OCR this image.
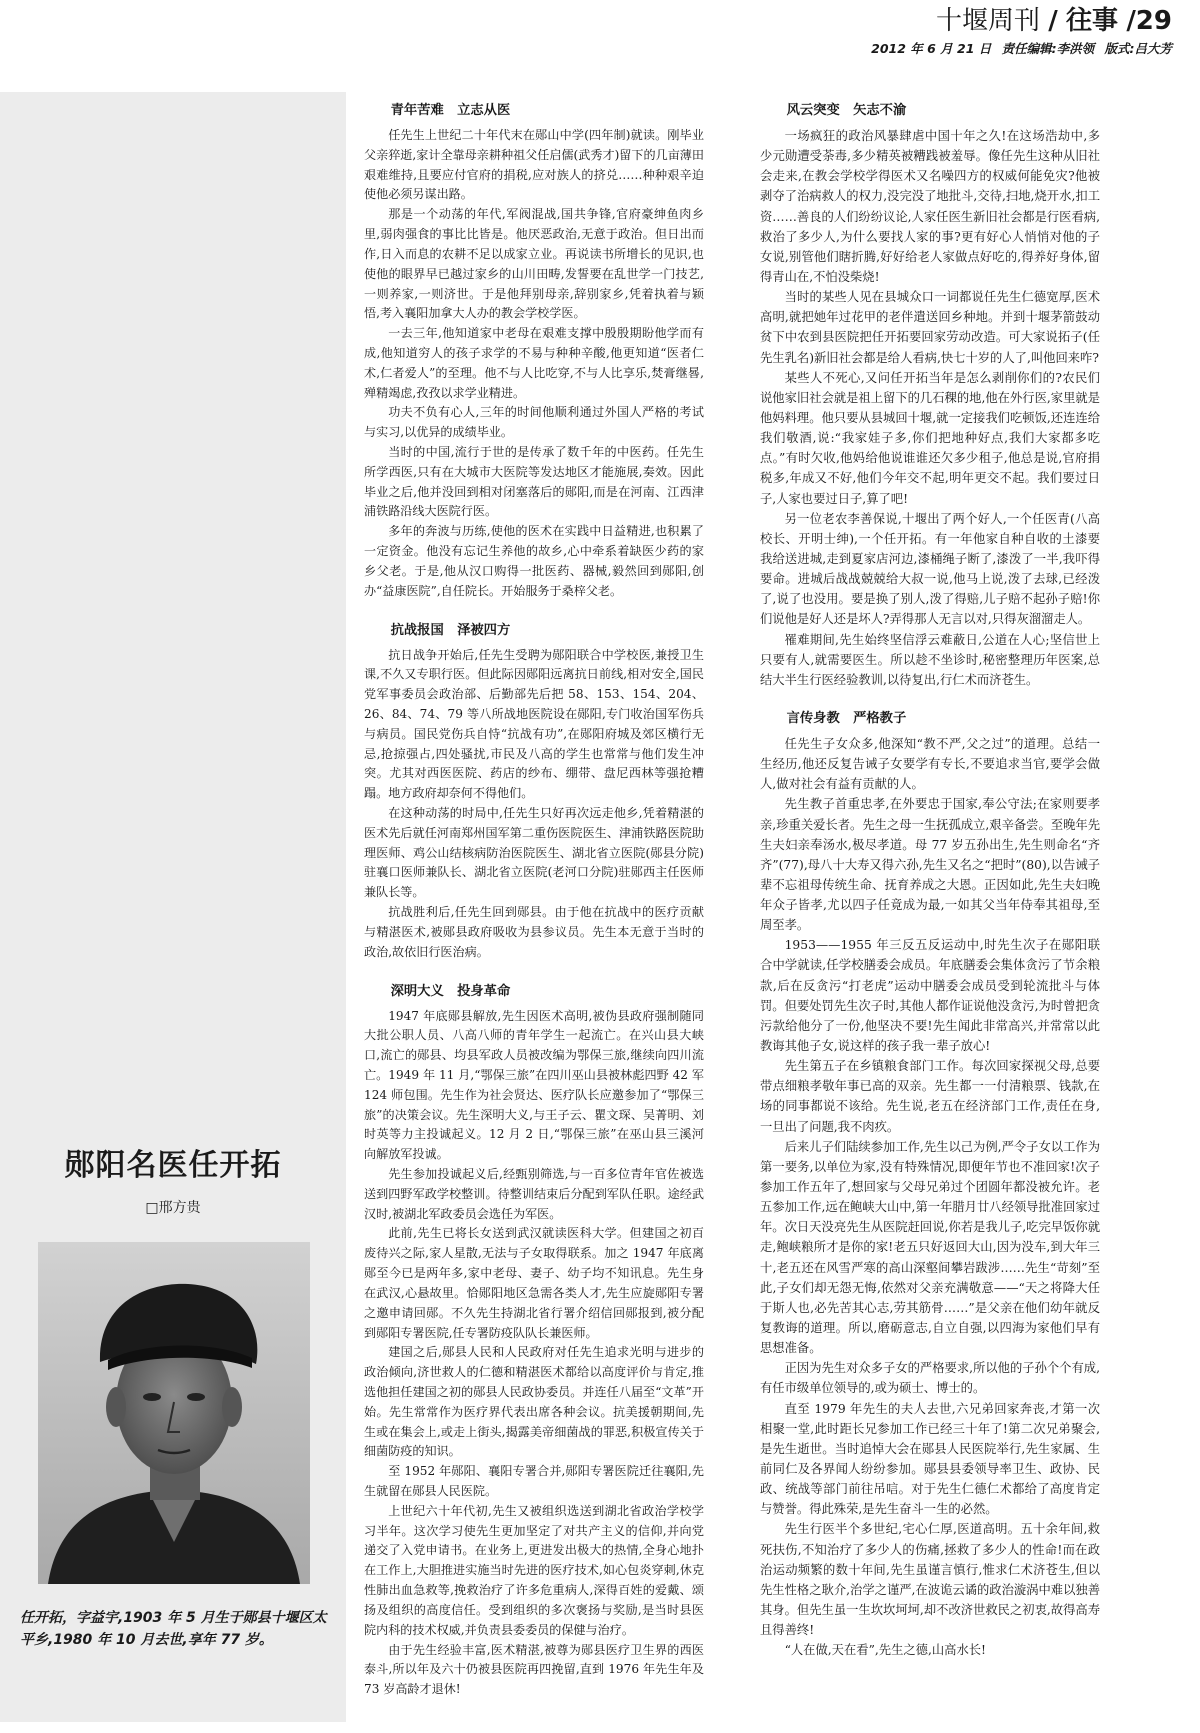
十堰周刊 / 往事 /29
2012 年 6 月 21 日 责任编辑:李洪领 版式:吕大芳
郧阳名医任开拓
□邢方贵
任开拓，字益宇,1903 年 5 月生于郧县十堰区太平乡,1980 年 10 月去世,享年 77 岁。
青年苦难　立志从医

任先生上世纪二十年代末在郧山中学(四年制)就读。刚毕业父亲猝逝,家计全靠母亲耕种祖父任启儒(武秀才)留下的几亩薄田艰难维持,且要应付官府的捐税,应对族人的挤兑……种种艰辛迫使他必须另谋出路。

那是一个动荡的年代,军阀混战,国共争锋,官府豪绅鱼肉乡里,弱肉强食的事比比皆是。他厌恶政治,无意于政治。但日出而作,日入而息的农耕不足以成家立业。再说读书所增长的见识,也使他的眼界早已越过家乡的山川田畴,发誓要在乱世学一门技艺,一则养家,一则济世。于是他拜别母亲,辞别家乡,凭着执着与颖悟,考入襄阳加拿大人办的教会学校学医。

一去三年,他知道家中老母在艰难支撑中殷殷期盼他学而有成,他知道穷人的孩子求学的不易与种种辛酸,他更知道“医者仁术,仁者爱人”的至理。他不与人比吃穿,不与人比享乐,焚膏继晷,殚精竭虑,孜孜以求学业精进。

功夫不负有心人,三年的时间他顺利通过外国人严格的考试与实习,以优异的成绩毕业。

当时的中国,流行于世的是传承了数千年的中医药。任先生所学西医,只有在大城市大医院等发达地区才能施展,奏效。因此毕业之后,他并没回到相对闭塞落后的郧阳,而是在河南、江西津浦铁路沿线大医院行医。

多年的奔波与历练,使他的医术在实践中日益精进,也积累了一定资金。他没有忘记生养他的故乡,心中牵系着缺医少药的家乡父老。于是,他从汉口购得一批医药、器械,毅然回到郧阳,创办“益康医院”,自任院长。开始服务于桑梓父老。

抗战报国　泽被四方

抗日战争开始后,任先生受聘为郧阳联合中学校医,兼授卫生课,不久又专职行医。但此际因郧阳远离抗日前线,相对安全,国民党军事委员会政治部、后勤部先后把 58、153、154、204、26、84、74、79 等八所战地医院设在郧阳,专门收治国军伤兵与病员。国民党伤兵自恃“抗战有功”,在郧阳府城及郊区横行无忌,抢掠强占,四处骚扰,市民及八高的学生也常常与他们发生冲突。尤其对西医医院、药店的纱布、绷带、盘尼西林等强抢糟蹋。地方政府却奈何不得他们。

在这种动荡的时局中,任先生只好再次远走他乡,凭着精湛的医术先后就任河南郑州国军第二重伤医院医生、津浦铁路医院助理医师、鸡公山结核病防治医院医生、湖北省立医院(郧县分院)驻襄口医师兼队长、湖北省立医院(老河口分院)驻郧西主任医师兼队长等。

抗战胜利后,任先生回到郧县。由于他在抗战中的医疗贡献与精湛医术,被郧县政府吸收为县参议员。先生本无意于当时的政治,故依旧行医治病。

深明大义　投身革命

1947 年底郧县解放,先生因医术高明,被伪县政府强制随同大批公职人员、八高八师的青年学生一起流亡。在兴山县大峡口,流亡的郧县、均县军政人员被改编为鄂保三旅,继续向四川流亡。1949 年 11 月,“鄂保三旅”在四川巫山县被林彪四野 42 军 124 师包围。先生作为社会贤达、医疗队长应邀参加了“鄂保三旅”的决策会议。先生深明大义,与王子云、瞿文琛、吴菁明、刘时英等力主投诚起义。12 月 2 日,“鄂保三旅”在巫山县三溪河向解放军投诚。

先生参加投诚起义后,经甄别筛选,与一百多位青年官佐被选送到四野军政学校整训。待整训结束后分配到军队任职。途经武汉时,被湖北军政委员会选任为军医。

此前,先生已将长女送到武汉就读医科大学。但建国之初百废待兴之际,家人星散,无法与子女取得联系。加之 1947 年底离郧至今已是两年多,家中老母、妻子、幼子均不知讯息。先生身在武汉,心悬故里。恰郧阳地区急需各类人才,先生应旋郧阳专署之邀申请回郧。不久先生持湖北省行署介绍信回郧报到,被分配到郧阳专署医院,任专署防疫队队长兼医师。

建国之后,郧县人民和人民政府对任先生追求光明与进步的政治倾向,济世救人的仁德和精湛医术都给以高度评价与肯定,推选他担任建国之初的郧县人民政协委员。并连任八届至“文革”开始。先生常常作为医疗界代表出席各种会议。抗美援朝期间,先生或在集会上,或走上街头,揭露美帝细菌战的罪恶,积极宣传关于细菌防疫的知识。

至 1952 年郧阳、襄阳专署合并,郧阳专署医院迁往襄阳,先生就留在郧县人民医院。

上世纪六十年代初,先生又被组织选送到湖北省政治学校学习半年。这次学习使先生更加坚定了对共产主义的信仰,并向党递交了入党申请书。在业务上,更进发出极大的热情,全身心地扑在工作上,大胆推进实施当时先进的医疗技术,如心包炎穿刺,休克性肺出血急救等,挽救治疗了许多危重病人,深得百姓的爱戴、颂扬及组织的高度信任。受到组织的多次褒扬与奖励,是当时县医院内科的技术权威,并负责县委委员的保健与治疗。

由于先生经验丰富,医术精湛,被尊为郧县医疗卫生界的西医泰斗,所以年及六十仍被县医院再四挽留,直到 1976 年先生年及 73 岁高龄才退休!

风云突变　矢志不渝

一场疯狂的政治风暴肆虐中国十年之久!在这场浩劫中,多少元勋遭受荼毒,多少精英被糟践被羞辱。像任先生这种从旧社会走来,在教会学校学得医术又名噪四方的权威何能免灾?他被剥夺了治病救人的权力,没完没了地批斗,交待,扫地,烧开水,扣工资……善良的人们纷纷议论,人家任医生新旧社会都是行医看病,救治了多少人,为什么要找人家的事?更有好心人悄悄对他的子女说,别管他们瞎折腾,好好给老人家做点好吃的,得养好身体,留得青山在,不怕没柴烧!

当时的某些人见在县城众口一词都说任先生仁德宽厚,医术高明,就把她年过花甲的老伴遣送回乡种地。并到十堰茅箭鼓动贫下中农到县医院把任开拓要回家劳动改造。可大家说拓子(任先生乳名)新旧社会都是给人看病,快七十岁的人了,叫他回来咋?

某些人不死心,又问任开拓当年是怎么剥削你们的?农民们说他家旧社会就是祖上留下的几石稞的地,他在外行医,家里就是他妈料理。他只要从县城回十堰,就一定接我们吃顿饭,还连连给我们敬酒,说:“我家娃子多,你们把地种好点,我们大家都多吃点。”有时欠收,他妈给他说谁谁还欠多少租子,他总是说,官府捐税多,年成又不好,他们今年交不起,明年更交不起。我们要过日子,人家也要过日子,算了吧!

另一位老农李善保说,十堰出了两个好人,一个任医青(八高校长、开明士绅),一个任开拓。有一年他家自种自收的土漆要我给送进城,走到夏家店河边,漆桶绳子断了,漆泼了一半,我吓得要命。进城后战战兢兢给大叔一说,他马上说,泼了去球,已经泼了,说了也没用。要是换了别人,泼了得赔,儿子赔不起孙子赔!你们说他是好人还是坏人?弄得那人无言以对,只得灰溜溜走人。

罹难期间,先生始终坚信浮云难蔽日,公道在人心;坚信世上只要有人,就需要医生。所以趁不坐诊时,秘密整理历年医案,总结大半生行医经验教训,以待复出,行仁术而济苍生。

言传身教　严格教子

任先生子女众多,他深知“教不严,父之过”的道理。总结一生经历,他还反复告诫子女要学有专长,不要追求当官,要学会做人,做对社会有益有贡献的人。

先生教子首重忠孝,在外要忠于国家,奉公守法;在家则要孝亲,珍重关爱长者。先生之母一生抚孤成立,艰辛备尝。至晚年先生夫妇亲奉汤水,极尽孝道。母 77 岁五孙出生,先生则命名“齐齐”(77),母八十大寿又得六孙,先生又名之“把时”(80),以告诫子辈不忘祖母传统生命、抚育养成之大恩。正因如此,先生夫妇晚年众子皆孝,尤以四子任竟成为最,一如其父当年侍奉其祖母,至周至孝。

1953——1955 年三反五反运动中,时先生次子在郧阳联合中学就读,任学校膳委会成员。年底膳委会集体贪污了节余粮款,后在反贪污“打老虎”运动中膳委会成员受到轮流批斗与体罚。但要处罚先生次子时,其他人都作证说他没贪污,为时曾把贪污款给他分了一份,他坚决不要!先生闻此非常高兴,并常常以此教诲其他子女,说这样的孩子我一辈子放心!

先生第五子在乡镇粮食部门工作。每次回家探视父母,总要带点细粮孝敬年事已高的双亲。先生都一一付清粮票、钱款,在场的同事都说不该给。先生说,老五在经济部门工作,责任在身,一旦出了问题,我不肉疚。

后来儿子们陆续参加工作,先生以己为例,严令子女以工作为第一要务,以单位为家,没有特殊情况,即便年节也不准回家!次子参加工作五年了,想回家与父母兄弟过个团圆年都没被允许。老五参加工作,远在鲍峡大山中,第一年腊月廿八经领导批准回家过年。次日天没亮先生从医院赶回说,你若是我儿子,吃完早饭你就走,鲍峡粮所才是你的家!老五只好返回大山,因为没车,到大年三十,老五还在风雪严寒的高山深壑间攀岩跋涉……先生“苛刻”至此,子女们却无怨无悔,依然对父亲充满敬意——“天之将降大任于斯人也,必先苦其心志,劳其筋骨……”是父亲在他们幼年就反复教诲的道理。所以,磨砺意志,自立自强,以四海为家他们早有思想准备。

正因为先生对众多子女的严格要求,所以他的子孙个个有成,有任市级单位领导的,或为硕士、博士的。

直至 1979 年先生的夫人去世,六兄弟回家奔丧,才第一次相聚一堂,此时距长兄参加工作已经三十年了!第二次兄弟聚会,是先生逝世。当时追悼大会在郧县人民医院举行,先生家属、生前同仁及各界闻人纷纷参加。郧县县委领导率卫生、政协、民政、统战等部门前往吊唁。对于先生仁德仁术都给了高度肯定与赞誉。得此殊荣,是先生奋斗一生的必然。

先生行医半个多世纪,宅心仁厚,医道高明。五十余年间,救死扶伤,不知治疗了多少人的伤痛,拯救了多少人的性命!而在政治运动频繁的数十年间,先生虽谨言慎行,惟求仁术济苍生,但以先生性格之耿介,治学之谨严,在波诡云谲的政治漩涡中难以独善其身。但先生虽一生坎坎坷坷,却不改济世救民之初衷,故得高寿且得善终!

“人在做,天在看”,先生之德,山高水长!
